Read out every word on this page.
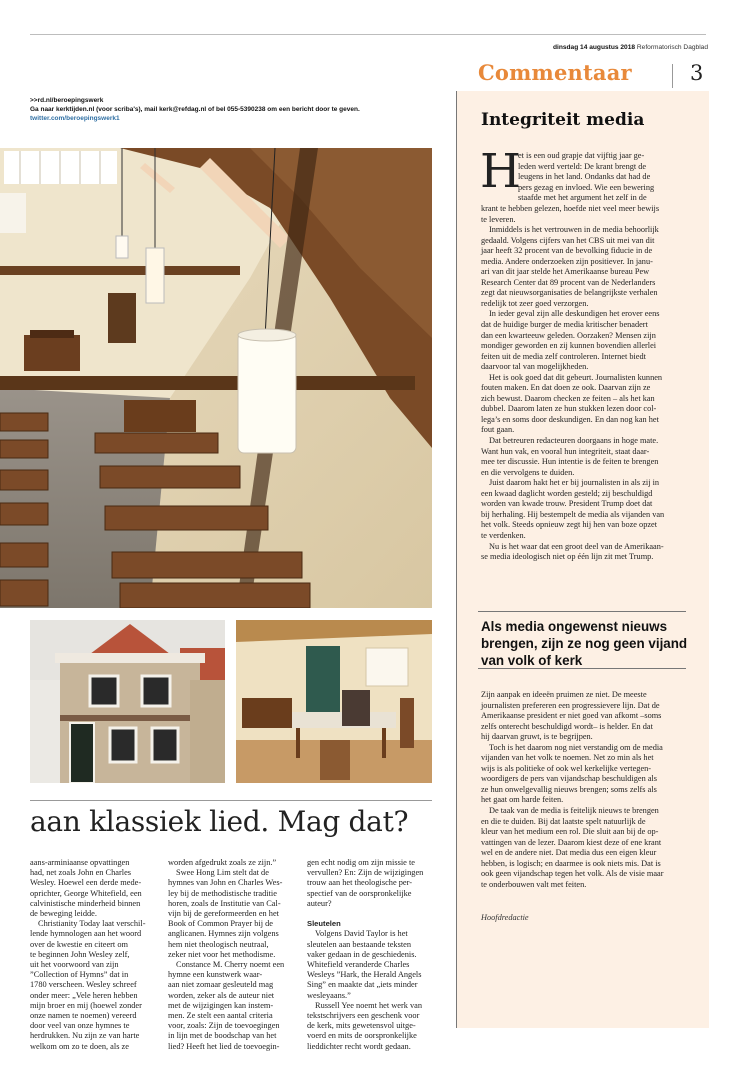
dinsdag 14 augustus 2018 Reformatorisch Dagblad
Commentaar	3
>>rd.nl/beroepingswerk
Ga naar kerktijden.nl (voor scriba's), mail kerk@refdag.nl of bel 055-5390238 om een bericht door te geven.
twitter.com/beroepingswerk1
aan klassiek lied. Mag dat?
aans-arminiaanse opvattingen
had, net zoals John en Charles
Wesley. Hoewel een derde mede-
oprichter, George Whitefield, een
calvinistische minderheid binnen
de beweging leidde.
Christianity Today laat verschil-
lende hymnologen aan het woord
over de kwestie en citeert om
te beginnen John Wesley zelf,
uit het voorwoord van zijn
”Collection of Hymns” dat in
1780 verscheen. Wesley schreef
onder meer: „Vele heren hebben
mijn broer en mij (hoewel zonder
onze namen te noemen) vereerd
door veel van onze hymnes te
herdrukken. Nu zijn ze van harte
welkom om zo te doen, als ze
worden afgedrukt zoals ze zijn.”
Swee Hong Lim stelt dat de
hymnes van John en Charles Wes-
ley bij de methodistische traditie
horen, zoals de Institutie van Cal-
vijn bij de gereformeerden en het
Book of Common Prayer bij de
anglicanen. Hymnes zijn volgens
hem niet theologisch neutraal,
zeker niet voor het methodisme.
Constance M. Cherry noemt een
hymne een kunstwerk waar-
aan niet zomaar gesleuteld mag
worden, zeker als de auteur niet
met de wijzigingen kan instem-
men. Ze stelt een aantal criteria
voor, zoals: Zijn de toevoegingen
in lijn met de boodschap van het
lied? Heeft het lied de toevoegin-
gen echt nodig om zijn missie te
vervullen? En: Zijn de wijzigingen
trouw aan het theologische per-
spectief van de oorspronkelijke
auteur?

Sleutelen
Volgens David Taylor is het
sleutelen aan bestaande teksten
vaker gedaan in de geschiedenis.
Whitefield veranderde Charles
Wesleys ”Hark, the Herald Angels
Sing” en maakte dat „iets minder
wesleyaans.”
Russell Yee noemt het werk van
tekstschrijvers een geschenk voor
de kerk, mits gewetensvol uitge-
voerd en mits de oorspronkelijke
lieddichter recht wordt gedaan.
Integriteit media
H
et is een oud grapje dat vijftig jaar ge-
leden werd verteld: De krant brengt de
leugens in het land. Ondanks dat had de
pers gezag en invloed. Wie een bewering
staafde met het argument het zelf in de
krant te hebben gelezen, hoefde niet veel meer bewijs
te leveren.
Inmiddels is het vertrouwen in de media behoorlijk
gedaald. Volgens cijfers van het CBS uit mei van dit
jaar heeft 32 procent van de bevolking fiducie in de
media. Andere onderzoeken zijn positiever. In janu-
ari van dit jaar stelde het Amerikaanse bureau Pew
Research Center dat 89 procent van de Nederlanders
zegt dat nieuwsorganisaties de belangrijkste verhalen
redelijk tot zeer goed verzorgen.
In ieder geval zijn alle deskundigen het erover eens
dat de huidige burger de media kritischer benadert
dan een kwarteeuw geleden. Oorzaken? Mensen zijn
mondiger geworden en zij kunnen bovendien allerlei
feiten uit de media zelf controleren. Internet biedt
daarvoor tal van mogelijkheden.
Het is ook goed dat dit gebeurt. Journalisten kunnen
fouten maken. En dat doen ze ook. Daarvan zijn ze
zich bewust. Daarom checken ze feiten – als het kan
dubbel. Daarom laten ze hun stukken lezen door col-
lega’s en soms door deskundigen. En dan nog kan het
fout gaan.
Dat betreuren redacteuren doorgaans in hoge mate.
Want hun vak, en vooral hun integriteit, staat daar-
mee ter discussie. Hun intentie is de feiten te brengen
en die vervolgens te duiden.
Juist daarom hakt het er bij journalisten in als zij in
een kwaad daglicht worden gesteld; zij beschuldigd
worden van kwade trouw. President Trump doet dat
bij herhaling. Hij bestempelt de media als vijanden van
het volk. Steeds opnieuw zegt hij hen van boze opzet
te verdenken.
Nu is het waar dat een groot deel van de Amerikaan-
se media ideologisch niet op één lijn zit met Trump.
Als media ongewenst nieuws brengen, zijn ze nog geen vijand van volk of kerk
Zijn aanpak en ideeën pruimen ze niet. De meeste
journalisten prefereren een progressievere lijn. Dat de
Amerikaanse president er niet goed van afkomt –soms
zelfs onterecht beschuldigd wordt– is helder. En dat
hij daarvan gruwt, is te begrijpen.
Toch is het daarom nog niet verstandig om de media
vijanden van het volk te noemen. Net zo min als het
wijs is als politieke of ook wel kerkelijke vertegen-
woordigers de pers van vijandschap beschuldigen als
ze hun onwelgevallig nieuws brengen; soms zelfs als
het gaat om harde feiten.
De taak van de media is feitelijk nieuws te brengen
en die te duiden. Bij dat laatste spelt natuurlijk de
kleur van het medium een rol. Die sluit aan bij de op-
vattingen van de lezer. Daarom kiest deze of ene krant
wel en de andere niet. Dat media dus een eigen kleur
hebben, is logisch; en daarmee is ook niets mis. Dat is
ook geen vijandschap tegen het volk. Als de visie maar
te onderbouwen valt met feiten.
Hoofdredactie
